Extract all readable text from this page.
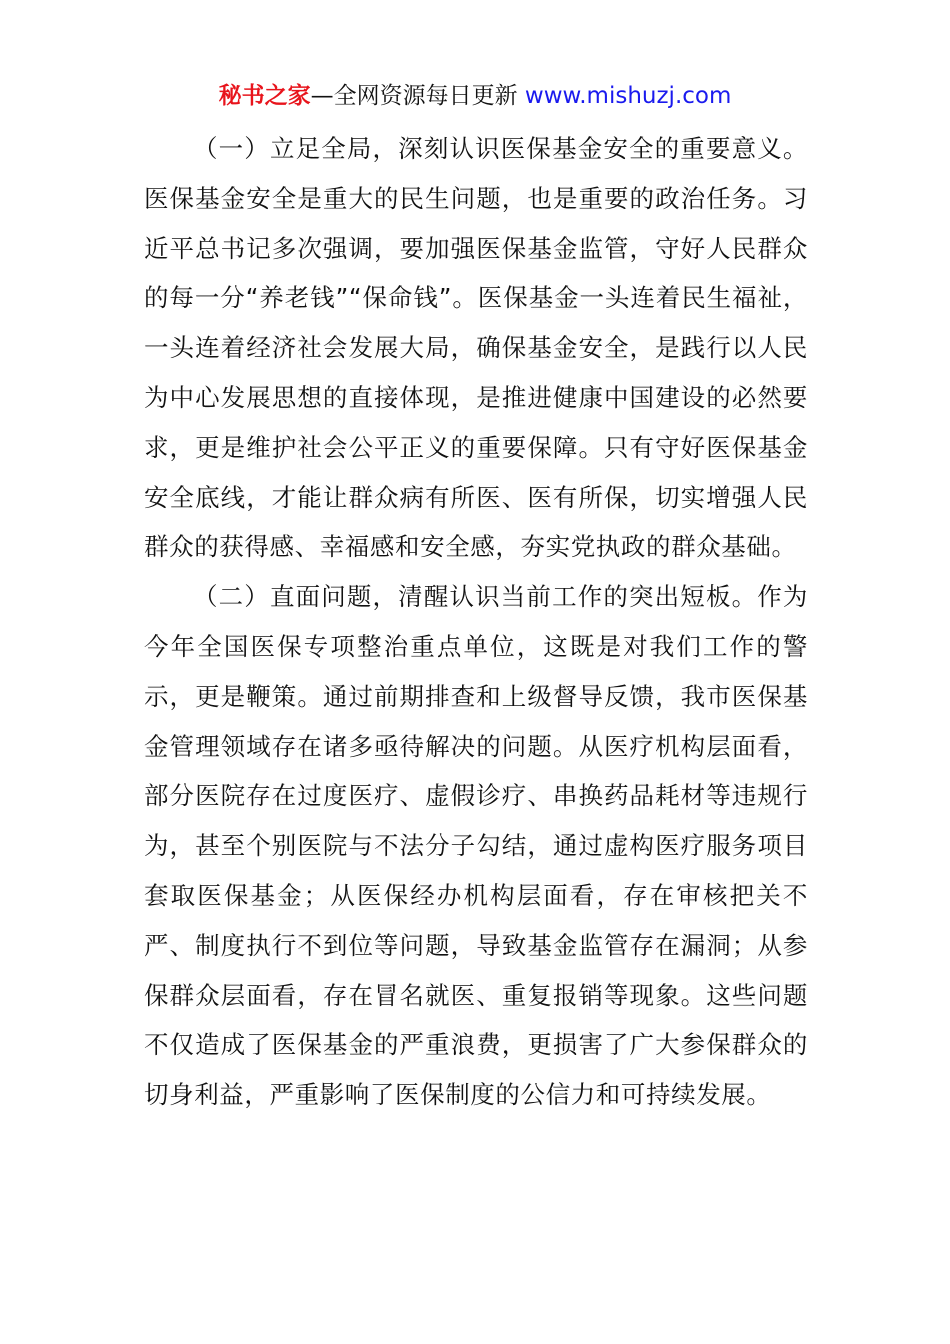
秘书之家—全网资源每日更新 www.mishuzj.com

（一）立足全局，深刻认识医保基金安全的重要意义。医保基金安全是重大的民生问题，也是重要的政治任务。习近平总书记多次强调，要加强医保基金监管，守好人民群众的每一分“养老钱”“保命钱”。医保基金一头连着民生福祉，一头连着经济社会发展大局，确保基金安全，是践行以人民为中心发展思想的直接体现，是推进健康中国建设的必然要求，更是维护社会公平正义的重要保障。只有守好医保基金安全底线，才能让群众病有所医、医有所保，切实增强人民群众的获得感、幸福感和安全感，夯实党执政的群众基础。

（二）直面问题，清醒认识当前工作的突出短板。作为今年全国医保专项整治重点单位，这既是对我们工作的警示，更是鞭策。通过前期排查和上级督导反馈，我市医保基金管理领域存在诸多亟待解决的问题。从医疗机构层面看，部分医院存在过度医疗、虚假诊疗、串换药品耗材等违规行为，甚至个别医院与不法分子勾结，通过虚构医疗服务项目套取医保基金；从医保经办机构层面看，存在审核把关不严、制度执行不到位等问题，导致基金监管存在漏洞；从参保群众层面看，存在冒名就医、重复报销等现象。这些问题不仅造成了医保基金的严重浪费，更损害了广大参保群众的切身利益，严重影响了医保制度的公信力和可持续发展。
